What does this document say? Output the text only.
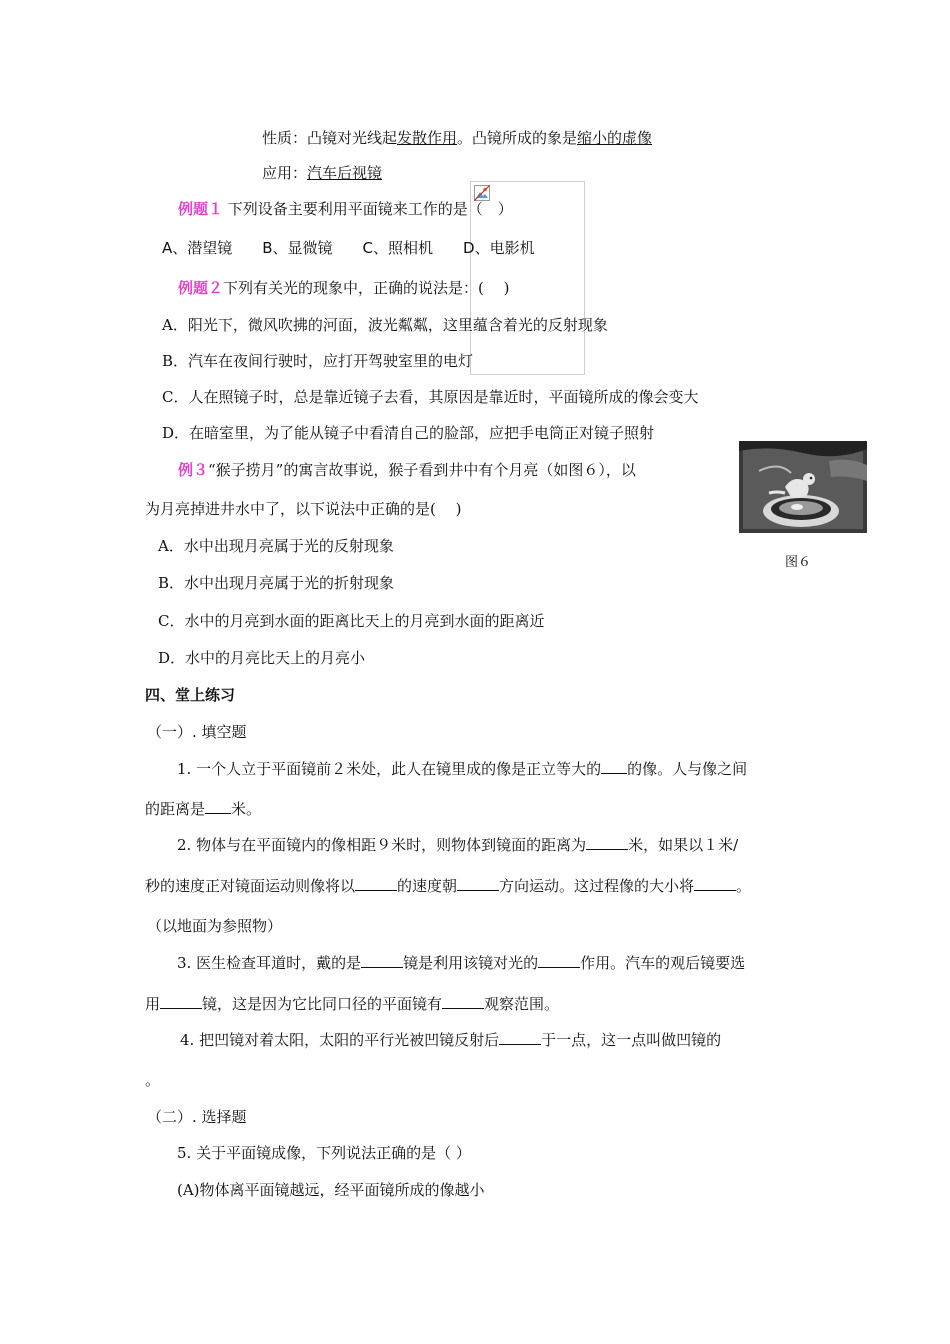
性质：凸镜对光线起发散作用。凸镜所成的象是缩小的虚像
应用：汽车后视镜
例题１ 下列设备主要利用平面镜来工作的是（　）
A、潜望镜　　B、显微镜　　C、照相机　　D、电影机
例题２下列有关光的现象中，正确的说法是：(　 )
A．阳光下，微风吹拂的河面，波光粼粼，这里蕴含着光的反射现象
B．汽车在夜间行驶时，应打开驾驶室里的电灯
C．人在照镜子时，总是靠近镜子去看，其原因是靠近时，平面镜所成的像会变大
D．在暗室里，为了能从镜子中看清自己的脸部，应把手电筒正对镜子照射
例３“猴子捞月”的寓言故事说，猴子看到井中有个月亮（如图６），以
为月亮掉进井水中了，以下说法中正确的是(　 )
A．水中出现月亮属于光的反射现象
B．水中出现月亮属于光的折射现象
C．水中的月亮到水面的距离比天上的月亮到水面的距离近
D．水中的月亮比天上的月亮小
图６
四、堂上练习
（一）. 填空题
1. 一个人立于平面镜前２米处，此人在镜里成的像是正立等大的 的像。人与像之间
的距离是 米。
2. 物体与在平面镜内的像相距９米时，则物体到镜面的距离为	米，如果以１米/
秒的速度正对镜面运动则像将以	的速度朝	方向运动。这过程像的大小将	。
（以地面为参照物）
3. 医生检查耳道时，戴的是	镜是利用该镜对光的	作用。汽车的观后镜要选
用	镜，这是因为它比同口径的平面镜有	观察范围。
4. 把凹镜对着太阳，太阳的平行光被凹镜反射后	于一点，这一点叫做凹镜的
。
（二）. 选择题
5. 关于平面镜成像，下列说法正确的是（ ）
(A)物体离平面镜越远，经平面镜所成的像越小
